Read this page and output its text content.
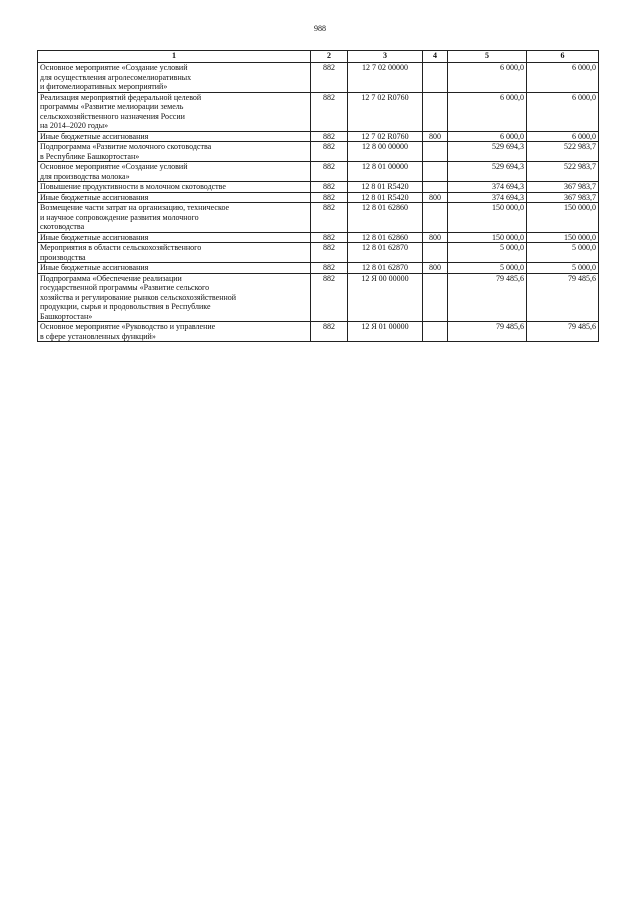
988
1	2	3	4	5	6
Основное мероприятие «Создание условий
для осуществления агролесомелиоративных
и фитомелиоративных мероприятий»	882	12 7 02 00000		6 000,0	6 000,0
Реализация мероприятий федеральной целевой
программы «Развитие мелиорации земель
сельскохозяйственного назначения России
на 2014–2020 годы»	882	12 7 02 R0760		6 000,0	6 000,0
Иные бюджетные ассигнования	882	12 7 02 R0760	800	6 000,0	6 000,0
Подпрограмма «Развитие молочного скотоводства
в Республике Башкортостан»	882	12 8 00 00000		529 694,3	522 983,7
Основное мероприятие «Создание условий
для производства молока»	882	12 8 01 00000		529 694,3	522 983,7
Повышение продуктивности в молочном скотоводстве	882	12 8 01 R5420		374 694,3	367 983,7
Иные бюджетные ассигнования	882	12 8 01 R5420	800	374 694,3	367 983,7
Возмещение части затрат на организацию, техническое
и научное сопровождение развития молочного
скотоводства	882	12 8 01 62860		150 000,0	150 000,0
Иные бюджетные ассигнования	882	12 8 01 62860	800	150 000,0	150 000,0
Мероприятия в области сельскохозяйственного
производства	882	12 8 01 62870		5 000,0	5 000,0
Иные бюджетные ассигнования	882	12 8 01 62870	800	5 000,0	5 000,0
Подпрограмма «Обеспечение реализации
государственной программы «Развитие сельского
хозяйства и регулирование рынков сельскохозяйственной
продукции, сырья и продовольствия в Республике
Башкортостан»	882	12 Я 00 00000		79 485,6	79 485,6
Основное мероприятие «Руководство и управление
в сфере установленных функций»	882	12 Я 01 00000		79 485,6	79 485,6
